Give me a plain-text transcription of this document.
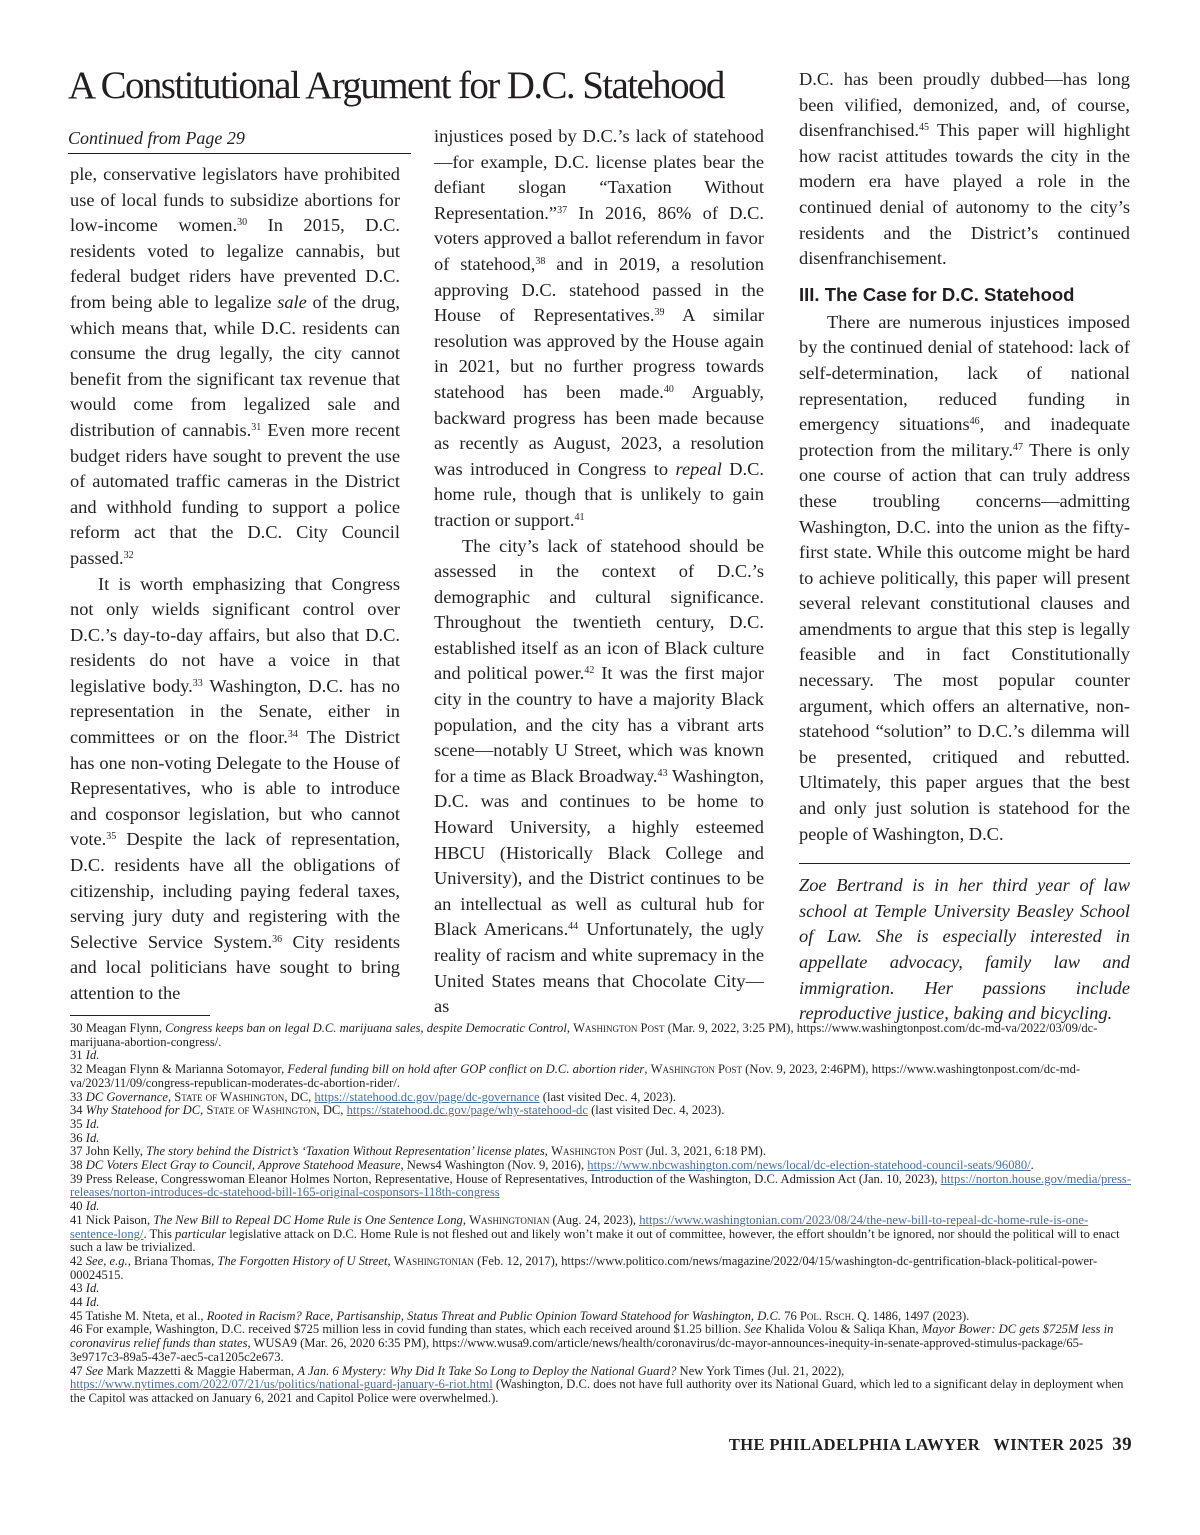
A Constitutional Argument for D.C. Statehood
Continued from Page 29

ple, conservative legislators have prohibited use of local funds to subsidize abortions for low-income women.$^{30}$ In 2015, D.C. residents voted to legalize cannabis, but federal budget riders have prevented D.C. from being able to legalize sale of the drug, which means that, while D.C. residents can consume the drug legally, the city cannot benefit from the significant tax revenue that would come from legalized sale and distribution of cannabis.$^{31}$ Even more recent budget riders have sought to prevent the use of automated traffic cameras in the District and withhold funding to support a police reform act that the D.C. City Council passed.$^{32}$

It is worth emphasizing that Congress not only wields significant control over D.C.’s day-to-day affairs, but also that D.C. residents do not have a voice in that legislative body.$^{33}$ Washington, D.C. has no representation in the Senate, either in committees or on the floor.$^{34}$ The District has one non-voting Delegate to the House of Representatives, who is able to introduce and cosponsor legislation, but who cannot vote.$^{35}$ Despite the lack of representation, D.C. residents have all the obligations of citizenship, including paying federal taxes, serving jury duty and registering with the Selective Service System.$^{36}$ City residents and local politicians have sought to bring attention to the

injustices posed by D.C.’s lack of statehood—for example, D.C. license plates bear the defiant slogan “Taxation Without Representation.”$^{37}$ In 2016, 86% of D.C. voters approved a ballot referendum in favor of statehood,$^{38}$ and in 2019, a resolution approving D.C. statehood passed in the House of Representatives.$^{39}$ A similar resolution was approved by the House again in 2021, but no further progress towards statehood has been made.$^{40}$ Arguably, backward progress has been made because as recently as August, 2023, a resolution was introduced in Congress to repeal D.C. home rule, though that is unlikely to gain traction or support.$^{41}$

The city’s lack of statehood should be assessed in the context of D.C.’s demographic and cultural significance. Throughout the twentieth century, D.C. established itself as an icon of Black culture and political power.$^{42}$ It was the first major city in the country to have a majority Black population, and the city has a vibrant arts scene—notably U Street, which was known for a time as Black Broadway.$^{43}$ Washington, D.C. was and continues to be home to Howard University, a highly esteemed HBCU (Historically Black College and University), and the District continues to be an intellectual as well as cultural hub for Black Americans.$^{44}$ Unfortunately, the ugly reality of racism and white supremacy in the United States means that Chocolate City—as

D.C. has been proudly dubbed—has long been vilified, demonized, and, of course, disenfranchised.$^{45}$ This paper will highlight how racist attitudes towards the city in the modern era have played a role in the continued denial of autonomy to the city’s residents and the District’s continued disenfranchisement.

III. The Case for D.C. Statehood

There are numerous injustices imposed by the continued denial of statehood: lack of self-determination, lack of national representation, reduced funding in emergency situations$^{46}$, and inadequate protection from the military.$^{47}$ There is only one course of action that can truly address these troubling concerns—admitting Washington, D.C. into the union as the fifty-first state. While this outcome might be hard to achieve politically, this paper will present several relevant constitutional clauses and amendments to argue that this step is legally feasible and in fact Constitutionally necessary. The most popular counter argument, which offers an alternative, non-statehood “solution” to D.C.’s dilemma will be presented, critiqued and rebutted. Ultimately, this paper argues that the best and only just solution is statehood for the people of Washington, D.C.

Zoe Bertrand is in her third year of law school at Temple University Beasley School of Law. She is especially interested in appellate advocacy, family law and immigration. Her passions include reproductive justice, baking and bicycling.

30 Meagan Flynn, Congress keeps ban on legal D.C. marijuana sales, despite Democratic Control, Washington Post (Mar. 9, 2022, 3:25 PM), https://www.washingtonpost.com/dc-md-va/2022/03/09/dc-marijuana-abortion-congress/.

31 Id.

32 Meagan Flynn & Marianna Sotomayor, Federal funding bill on hold after GOP conflict on D.C. abortion rider, Washington Post (Nov. 9, 2023, 2:46PM), https://www.washingtonpost.com/dc-md-va/2023/11/09/congress-republican-moderates-dc-abortion-rider/.

33 DC Governance, State of Washington, DC, https://statehood.dc.gov/page/dc-governance (last visited Dec. 4, 2023).

34 Why Statehood for DC, State of Washington, DC, https://statehood.dc.gov/page/why-statehood-dc (last visited Dec. 4, 2023).

35 Id.

36 Id.

37 John Kelly, The story behind the District’s ‘Taxation Without Representation’ license plates, Washington Post (Jul. 3, 2021, 6:18 PM).

38 DC Voters Elect Gray to Council, Approve Statehood Measure, News4 Washington (Nov. 9, 2016), https://www.nbcwashington.com/news/local/dc-election-statehood-council-seats/96080/.

39 Press Release, Congresswoman Eleanor Holmes Norton, Representative, House of Representatives, Introduction of the Washington, D.C. Admission Act (Jan. 10, 2023), https://norton.house.gov/media/press-releases/norton-introduces-dc-statehood-bill-165-original-cosponsors-118th-congress

40 Id.

41 Nick Paison, The New Bill to Repeal DC Home Rule is One Sentence Long, Washingtonian (Aug. 24, 2023), https://www.washingtonian.com/2023/08/24/the-new-bill-to-repeal-dc-home-rule-is-one-sentence-long/. This particular legislative attack on D.C. Home Rule is not fleshed out and likely won’t make it out of committee, however, the effort shouldn’t be ignored, nor should the political will to enact such a law be trivialized.

42 See, e.g., Briana Thomas, The Forgotten History of U Street, Washingtonian (Feb. 12, 2017), https://www.politico.com/news/magazine/2022/04/15/washington-dc-gentrification-black-political-power-00024515.

43 Id.

44 Id.

45 Tatishe M. Nteta, et al., Rooted in Racism? Race, Partisanship, Status Threat and Public Opinion Toward Statehood for Washington, D.C. 76 Pol. Rsch. Q. 1486, 1497 (2023).

46 For example, Washington, D.C. received $725 million less in covid funding than states, which each received around $1.25 billion. See Khalida Volou & Saliqa Khan, Mayor Bower: DC gets $725M less in coronavirus relief funds than states, WUSA9 (Mar. 26, 2020 6:35 PM), https://www.wusa9.com/article/news/health/coronavirus/dc-mayor-announces-inequity-in-senate-approved-stimulus-package/65-3e9717c3-89a5-43e7-aec5-ca1205c2e673.

47 See Mark Mazzetti & Maggie Haberman, A Jan. 6 Mystery: Why Did It Take So Long to Deploy the National Guard? New York Times (Jul. 21, 2022), https://www.nytimes.com/2022/07/21/us/politics/national-guard-january-6-riot.html (Washington, D.C. does not have full authority over its National Guard, which led to a significant delay in deployment when the Capitol was attacked on January 6, 2021 and Capitol Police were overwhelmed.).

THE PHILADELPHIA LAWYER WINTER 2025 39
